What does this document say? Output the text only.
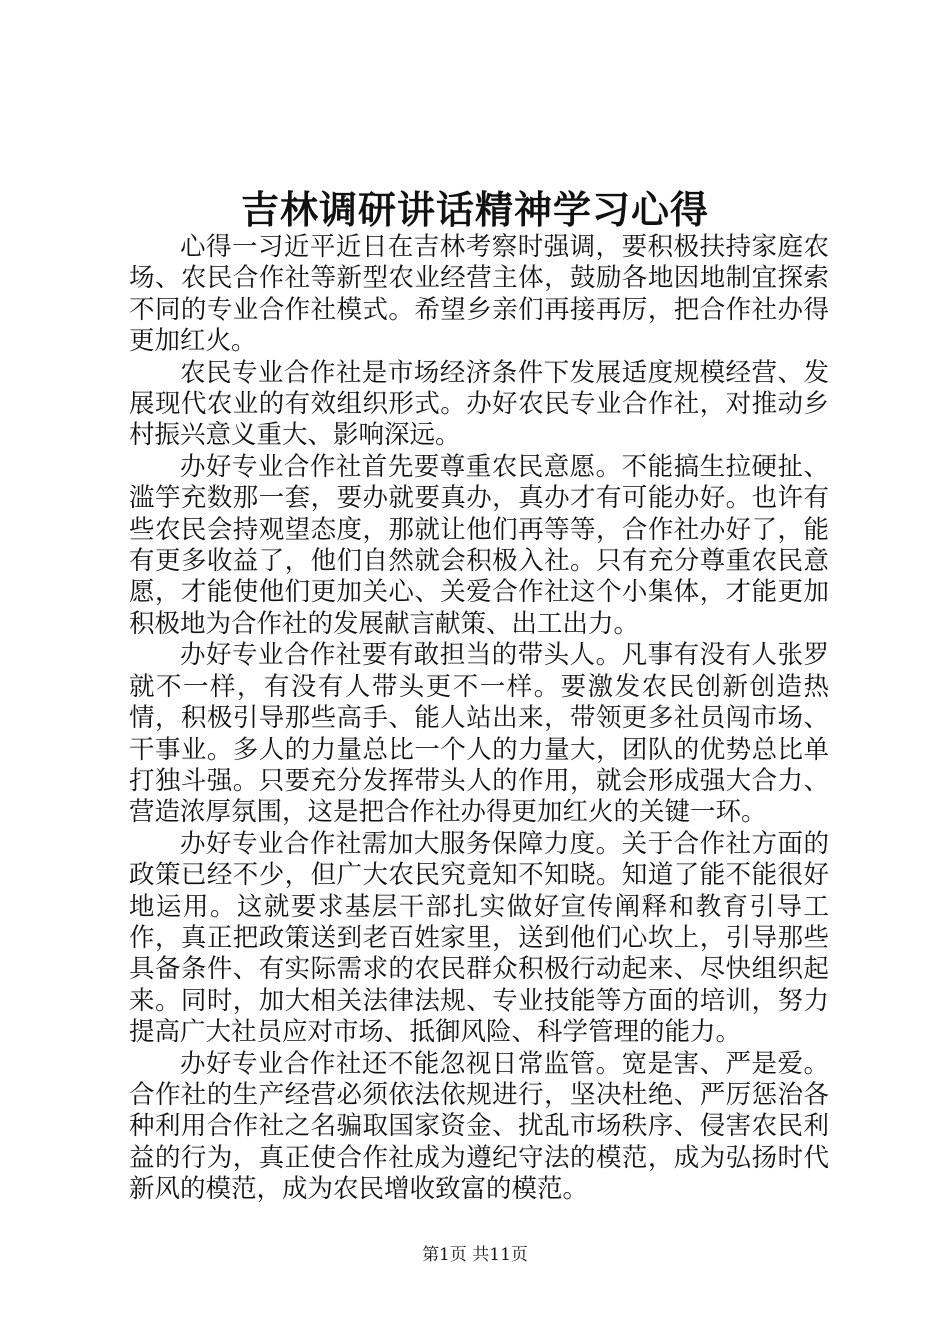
吉林调研讲话精神学习心得

心得一习近平近日在吉林考察时强调，要积极扶持家庭农场、农民合作社等新型农业经营主体，鼓励各地因地制宜探索不同的专业合作社模式。希望乡亲们再接再厉，把合作社办得更加红火。

农民专业合作社是市场经济条件下发展适度规模经营、发展现代农业的有效组织形式。办好农民专业合作社，对推动乡村振兴意义重大、影响深远。

办好专业合作社首先要尊重农民意愿。不能搞生拉硬扯、滥竽充数那一套，要办就要真办，真办才有可能办好。也许有些农民会持观望态度，那就让他们再等等，合作社办好了，能有更多收益了，他们自然就会积极入社。只有充分尊重农民意愿，才能使他们更加关心、关爱合作社这个小集体，才能更加积极地为合作社的发展献言献策、出工出力。

办好专业合作社要有敢担当的带头人。凡事有没有人张罗就不一样，有没有人带头更不一样。要激发农民创新创造热情，积极引导那些高手、能人站出来，带领更多社员闯市场、干事业。多人的力量总比一个人的力量大，团队的优势总比单打独斗强。只要充分发挥带头人的作用，就会形成强大合力、营造浓厚氛围，这是把合作社办得更加红火的关键一环。

办好专业合作社需加大服务保障力度。关于合作社方面的政策已经不少，但广大农民究竟知不知晓。知道了能不能很好地运用。这就要求基层干部扎实做好宣传阐释和教育引导工作，真正把政策送到老百姓家里，送到他们心坎上，引导那些具备条件、有实际需求的农民群众积极行动起来、尽快组织起来。同时，加大相关法律法规、专业技能等方面的培训，努力提高广大社员应对市场、抵御风险、科学管理的能力。

办好专业合作社还不能忽视日常监管。宽是害、严是爱。合作社的生产经营必须依法依规进行，坚决杜绝、严厉惩治各种利用合作社之名骗取国家资金、扰乱市场秩序、侵害农民利益的行为，真正使合作社成为遵纪守法的模范，成为弘扬时代新风的模范，成为农民增收致富的模范。

第1页 共11页
